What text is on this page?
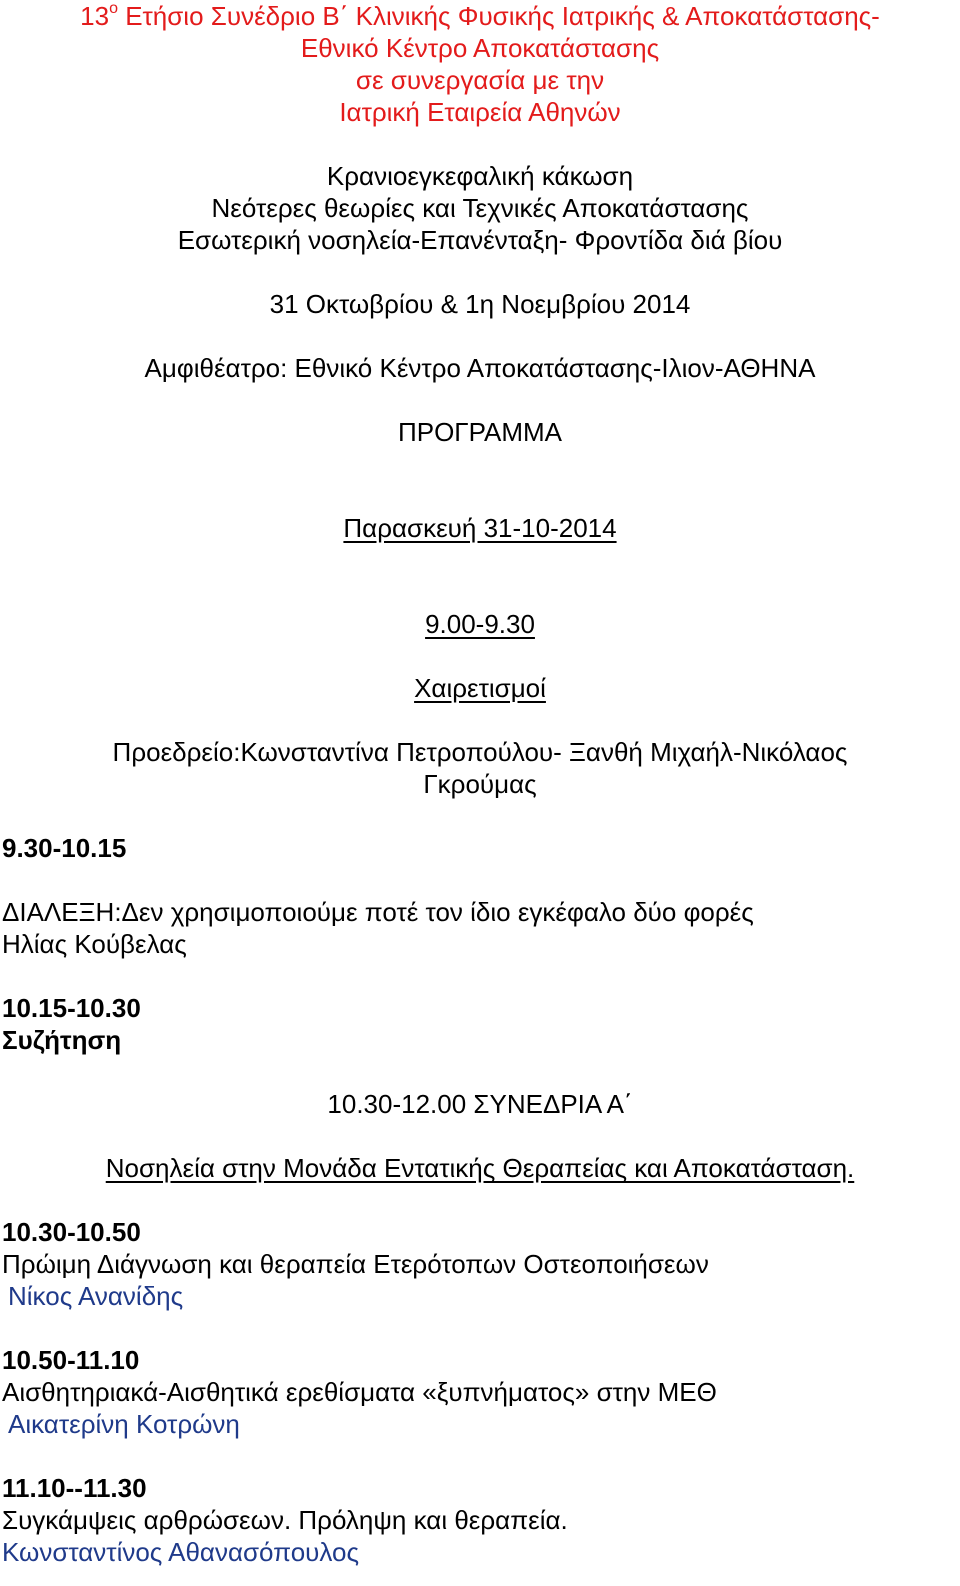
$13^o$ Ετήσιο Συνέδριο Β΄ Κλινικής Φυσικής Ιατρικής & Αποκατάστασης-
Εθνικό Κέντρο Αποκατάστασης
σε συνεργασία με την
Ιατρική Εταιρεία Αθηνών
Κρανιοεγκεφαλική κάκωση
Νεότερες θεωρίες και Τεχνικές Αποκατάστασης
Εσωτερική νοσηλεία-Επανένταξη- Φροντίδα διά βίου
31 Οκτωβρίου & 1η Νοεμβρίου 2014
Αμφιθέατρο: Εθνικό Κέντρο Αποκατάστασης-Ιλιον-ΑΘΗΝΑ
ΠΡΟΓΡΑΜΜΑ
Παρασκευή 31-10-2014
9.00-9.30
Χαιρετισμοί
Προεδρείο:Κωνσταντίνα Πετροπούλου- Ξανθή Μιχαήλ-Νικόλαος
Γκρούμας
9.30-10.15
ΔΙΑΛΕΞΗ:Δεν χρησιμοποιούμε ποτέ τον ίδιο εγκέφαλο δύο φορές
Ηλίας Κούβελας
10.15-10.30
Συζήτηση
10.30-12.00 ΣΥΝΕΔΡΙΑ Α΄
Νοσηλεία στην Μονάδα Εντατικής Θεραπείας και Αποκατάσταση.
10.30-10.50
Πρώιμη Διάγνωση και θεραπεία Ετερότοπων Οστεοποιήσεων
Νίκος Ανανίδης
10.50-11.10
Αισθητηριακά-Αισθητικά ερεθίσματα «ξυπνήματος» στην ΜΕΘ
Αικατερίνη Κοτρώνη
11.10--11.30
Συγκάμψεις αρθρώσεων. Πρόληψη και θεραπεία.
Κωνσταντίνος Αθανασόπουλος
